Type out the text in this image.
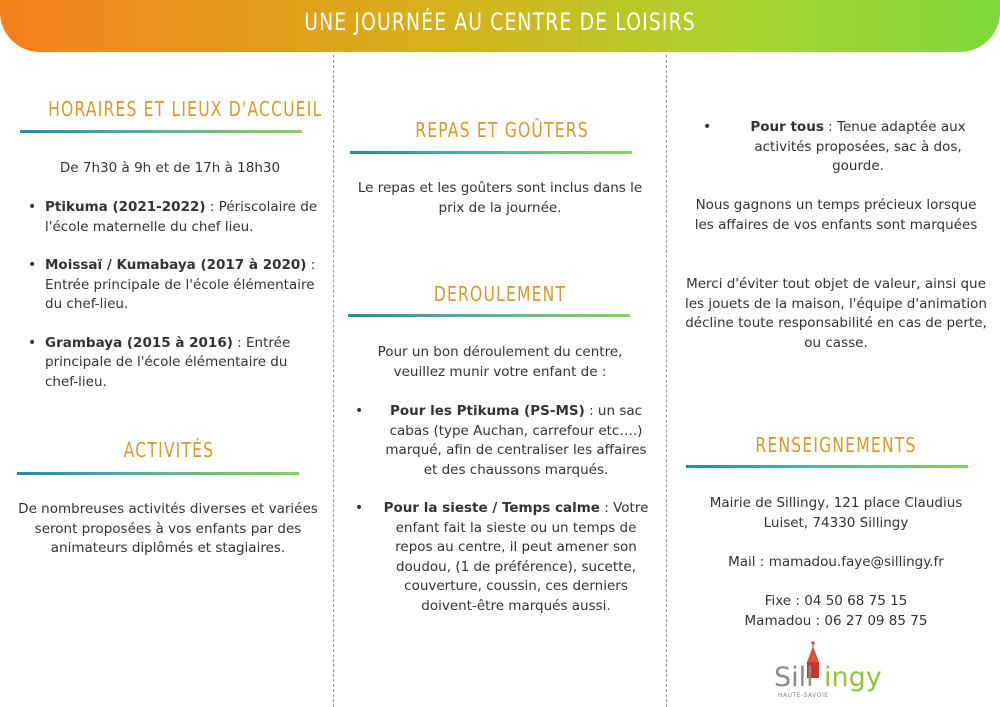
UNE JOURNÉE AU CENTRE DE LOISIRS
HORAIRES ET LIEUX D'ACCUEIL
De 7h30 à 9h et de 17h à 18h30
• Ptikuma (2021-2022) : Périscolaire de l'école maternelle du chef lieu.
• Moissaï / Kumabaya (2017 à 2020) : Entrée principale de l'école élémentaire du chef-lieu.
• Grambaya (2015 à 2016) : Entrée principale de l'école élémentaire du chef-lieu.
ACTIVITÉS
De nombreuses activités diverses et variées seront proposées à vos enfants par des animateurs diplômés et stagiaires.
REPAS ET GOÛTERS
Le repas et les goûters sont inclus dans le prix de la journée.
DEROULEMENT
Pour un bon déroulement du centre, veuillez munir votre enfant de :
• Pour les Ptikuma (PS-MS) : un sac cabas (type Auchan, carrefour etc….) marqué, afin de centraliser les affaires et des chaussons marqués.
• Pour la sieste / Temps calme : Votre enfant fait la sieste ou un temps de repos au centre, il peut amener son doudou, (1 de préférence), sucette, couverture, coussin, ces derniers doivent-être marqués aussi.
•	Pour tous : Tenue adaptée aux activités proposées, sac à dos, gourde.
Nous gagnons un temps précieux lorsque les affaires de vos enfants sont marquées
Merci d'éviter tout objet de valeur, ainsi que les jouets de la maison, l'équipe d'animation décline toute responsabilité en cas de perte, ou casse.
RENSEIGNEMENTS
Mairie de Sillingy, 121 place Claudius Luiset, 74330 Sillingy
Mail : mamadou.faye@sillingy.fr
Fixe : 04 50 68 75 15
Mamadou : 06 27 09 85 75
Sill ingy
HAUTE-SAVOIE
